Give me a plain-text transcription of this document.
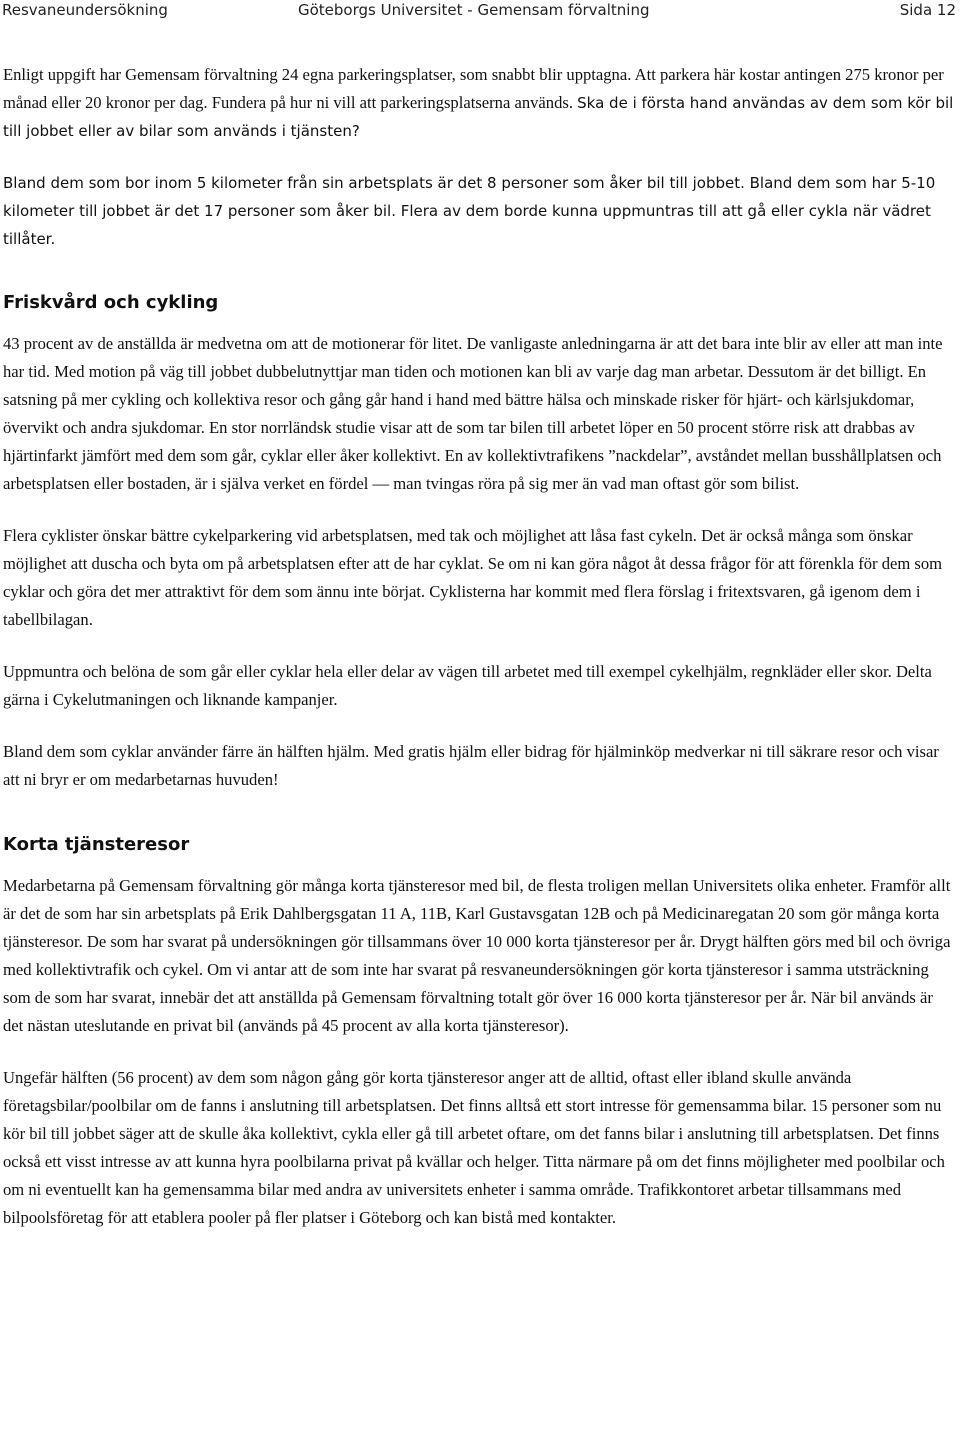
Resvaneundersökning	Göteborgs Universitet - Gemensam förvaltning	Sida 12

Enligt uppgift har Gemensam förvaltning 24 egna parkeringsplatser, som snabbt blir upptagna. Att parkera här kostar antingen 275 kronor per månad eller 20 kronor per dag. Fundera på hur ni vill att parkeringsplatserna används. Ska de i första hand användas av dem som kör bil till jobbet eller av bilar som används i tjänsten?

Bland dem som bor inom 5 kilometer från sin arbetsplats är det 8 personer som åker bil till jobbet. Bland dem som har 5-10 kilometer till jobbet är det 17 personer som åker bil. Flera av dem borde kunna uppmuntras till att gå eller cykla när vädret tillåter.

Friskvård och cykling

43 procent av de anställda är medvetna om att de motionerar för litet. De vanligaste anledningarna är att det bara inte blir av eller att man inte har tid. Med motion på väg till jobbet dubbelutnyttjar man tiden och motionen kan bli av varje dag man arbetar. Dessutom är det billigt. En satsning på mer cykling och kollektiva resor och gång går hand i hand med bättre hälsa och minskade risker för hjärt- och kärlsjukdomar, övervikt och andra sjukdomar. En stor norrländsk studie visar att de som tar bilen till arbetet löper en 50 procent större risk att drabbas av hjärtinfarkt jämfört med dem som går, cyklar eller åker kollektivt. En av kollektivtrafikens ”nackdelar”, avståndet mellan busshållplatsen och arbetsplatsen eller bostaden, är i själva verket en fördel — man tvingas röra på sig mer än vad man oftast gör som bilist.

Flera cyklister önskar bättre cykelparkering vid arbetsplatsen, med tak och möjlighet att låsa fast cykeln. Det är också många som önskar möjlighet att duscha och byta om på arbetsplatsen efter att de har cyklat. Se om ni kan göra något åt dessa frågor för att förenkla för dem som cyklar och göra det mer attraktivt för dem som ännu inte börjat. Cyklisterna har kommit med flera förslag i fritextsvaren, gå igenom dem i tabellbilagan.

Uppmuntra och belöna de som går eller cyklar hela eller delar av vägen till arbetet med till exempel cykelhjälm, regnkläder eller skor. Delta gärna i Cykelutmaningen och liknande kampanjer.

Bland dem som cyklar använder färre än hälften hjälm. Med gratis hjälm eller bidrag för hjälminköp medverkar ni till säkrare resor och visar att ni bryr er om medarbetarnas huvuden!

Korta tjänsteresor

Medarbetarna på Gemensam förvaltning gör många korta tjänsteresor med bil, de flesta troligen mellan Universitets olika enheter. Framför allt är det de som har sin arbetsplats på Erik Dahlbergsgatan 11 A, 11B, Karl Gustavsgatan 12B och på Medicinaregatan 20 som gör många korta tjänsteresor. De som har svarat på undersökningen gör tillsammans över 10 000 korta tjänsteresor per år. Drygt hälften görs med bil och övriga med kollektivtrafik och cykel. Om vi antar att de som inte har svarat på resvaneundersökningen gör korta tjänsteresor i samma utsträckning som de som har svarat, innebär det att anställda på Gemensam förvaltning totalt gör över 16 000 korta tjänsteresor per år. När bil används är det nästan uteslutande en privat bil (används på 45 procent av alla korta tjänsteresor).

Ungefär hälften (56 procent) av dem som någon gång gör korta tjänsteresor anger att de alltid, oftast eller ibland skulle använda företagsbilar/poolbilar om de fanns i anslutning till arbetsplatsen. Det finns alltså ett stort intresse för gemensamma bilar. 15 personer som nu kör bil till jobbet säger att de skulle åka kollektivt, cykla eller gå till arbetet oftare, om det fanns bilar i anslutning till arbetsplatsen. Det finns också ett visst intresse av att kunna hyra poolbilarna privat på kvällar och helger. Titta närmare på om det finns möjligheter med poolbilar och om ni eventuellt kan ha gemensamma bilar med andra av universitets enheter i samma område. Trafikkontoret arbetar tillsammans med bilpoolsföretag för att etablera pooler på fler platser i Göteborg och kan bistå med kontakter.
